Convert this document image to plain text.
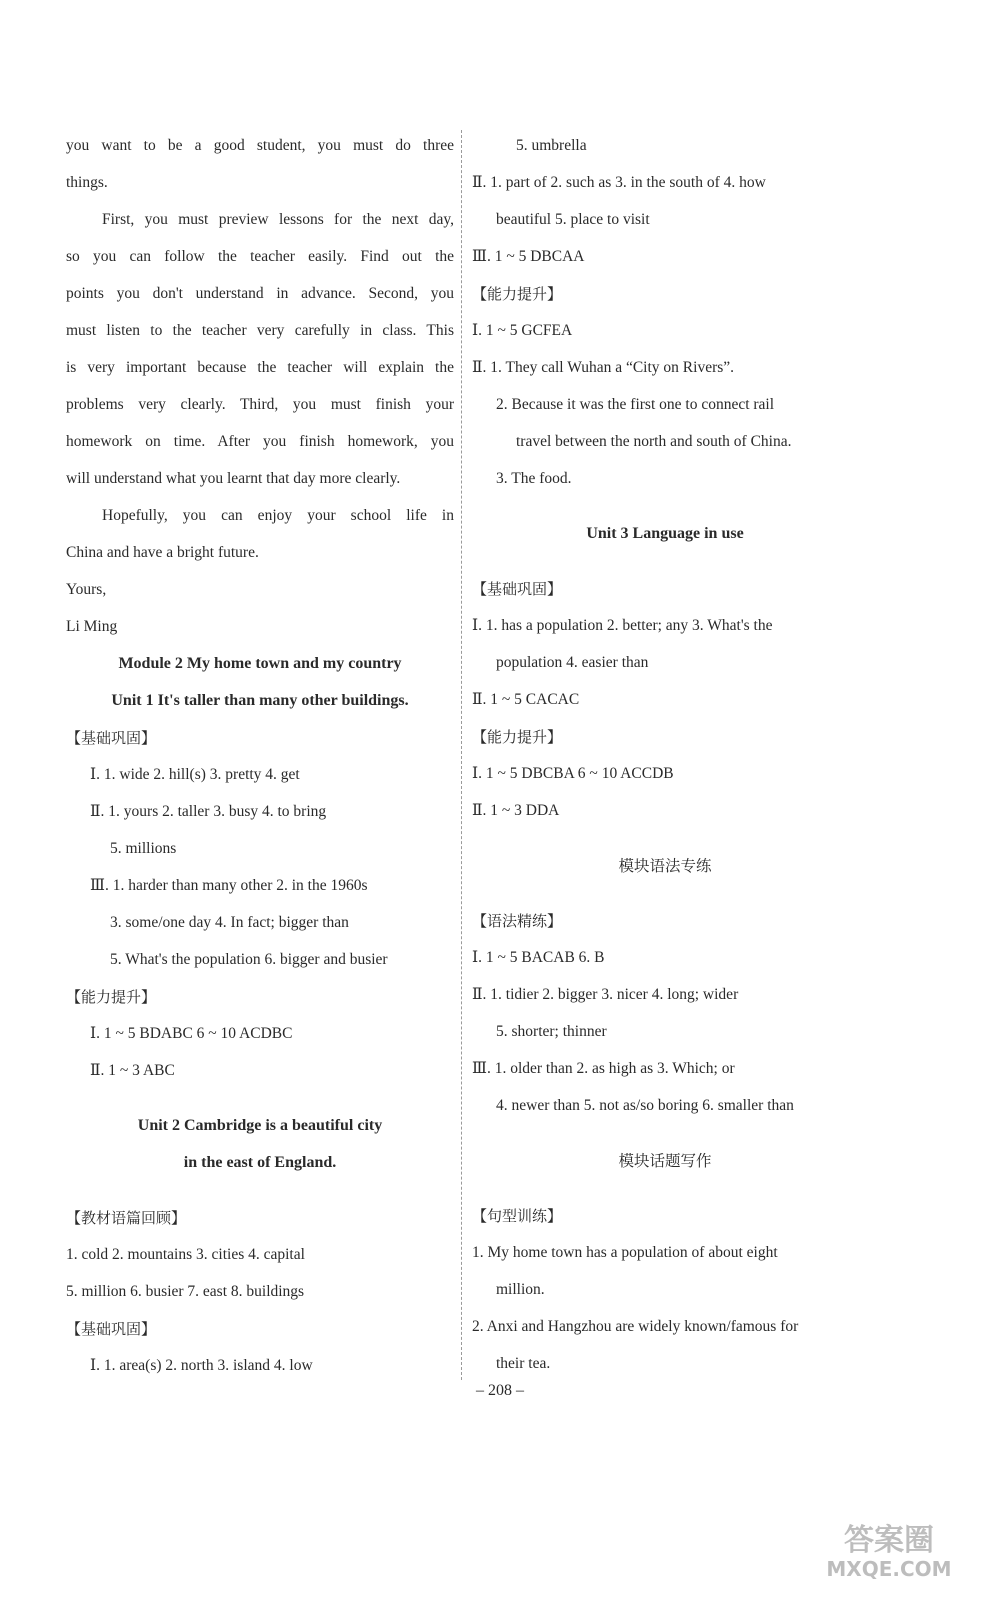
you want to be a good student, you must do three
things.
First, you must preview lessons for the next day,
so you can follow the teacher easily. Find out the
points you don't understand in advance. Second, you
must listen to the teacher very carefully in class. This
is very important because the teacher will explain the
problems very clearly. Third, you must finish your
homework on time. After you finish homework, you
will understand what you learnt that day more clearly.
Hopefully, you can enjoy your school life in
China and have a bright future.
Yours,
Li Ming
Module 2 My home town and my country
Unit 1 It's taller than many other buildings.
【基础巩固】
Ⅰ. 1. wide 2. hill(s) 3. pretty 4. get
Ⅱ. 1. yours 2. taller 3. busy 4. to bring
5. millions
Ⅲ. 1. harder than many other 2. in the 1960s
3. some/one day 4. In fact; bigger than
5. What's the population 6. bigger and busier
【能力提升】
Ⅰ. 1 ~ 5 BDABC 6 ~ 10 ACDBC
Ⅱ. 1 ~ 3 ABC
Unit 2 Cambridge is a beautiful city
in the east of England.
【教材语篇回顾】
1. cold 2. mountains 3. cities 4. capital
5. million 6. busier 7. east 8. buildings
【基础巩固】
Ⅰ. 1. area(s) 2. north 3. island 4. low
5. umbrella
Ⅱ. 1. part of 2. such as 3. in the south of 4. how
beautiful 5. place to visit
Ⅲ. 1 ~ 5 DBCAA
【能力提升】
Ⅰ. 1 ~ 5 GCFEA
Ⅱ. 1. They call Wuhan a “City on Rivers”.
2. Because it was the first one to connect rail
travel between the north and south of China.
3. The food.
Unit 3 Language in use
【基础巩固】
Ⅰ. 1. has a population 2. better; any 3. What's the
population 4. easier than
Ⅱ. 1 ~ 5 CACAC
【能力提升】
Ⅰ. 1 ~ 5 DBCBA 6 ~ 10 ACCDB
Ⅱ. 1 ~ 3 DDA
模块语法专练
【语法精练】
Ⅰ. 1 ~ 5 BACAB 6. B
Ⅱ. 1. tidier 2. bigger 3. nicer 4. long; wider
5. shorter; thinner
Ⅲ. 1. older than 2. as high as 3. Which; or
4. newer than 5. not as/so boring 6. smaller than
模块话题写作
【句型训练】
1. My home town has a population of about eight
million.
2. Anxi and Hangzhou are widely known/famous for
their tea.
– 208 –
答案圈
MXQE.COM
